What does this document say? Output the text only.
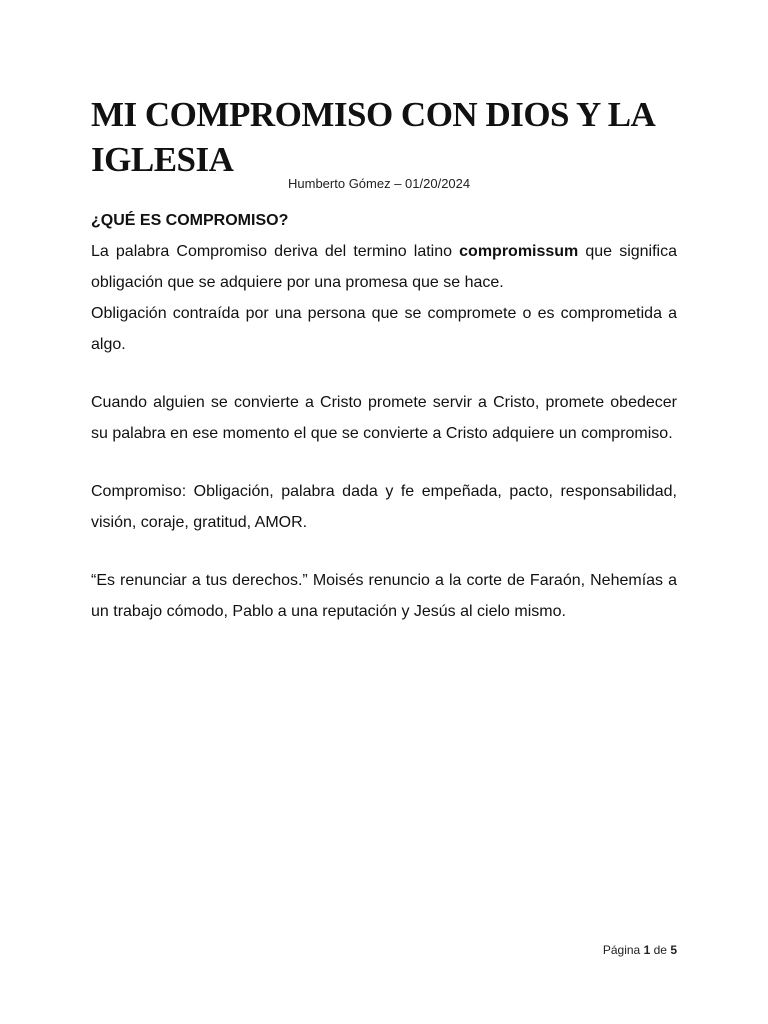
MI COMPROMISO CON DIOS Y LA IGLESIA
Humberto Gómez – 01/20/2024

¿QUÉ ES COMPROMISO?

La palabra Compromiso deriva del termino latino compromissum que significa obligación que se adquiere por una promesa que se hace.

Obligación contraída por una persona que se compromete o es comprometida a algo.

Cuando alguien se convierte a Cristo promete servir a Cristo, promete obedecer su palabra en ese momento el que se convierte a Cristo adquiere un compromiso.

Compromiso: Obligación, palabra dada y fe empeñada, pacto, responsabilidad, visión, coraje, gratitud, AMOR.

“Es renunciar a tus derechos.” Moisés renuncio a la corte de Faraón, Nehemías a un trabajo cómodo, Pablo a una reputación y Jesús al cielo mismo.

Página 1 de 5
